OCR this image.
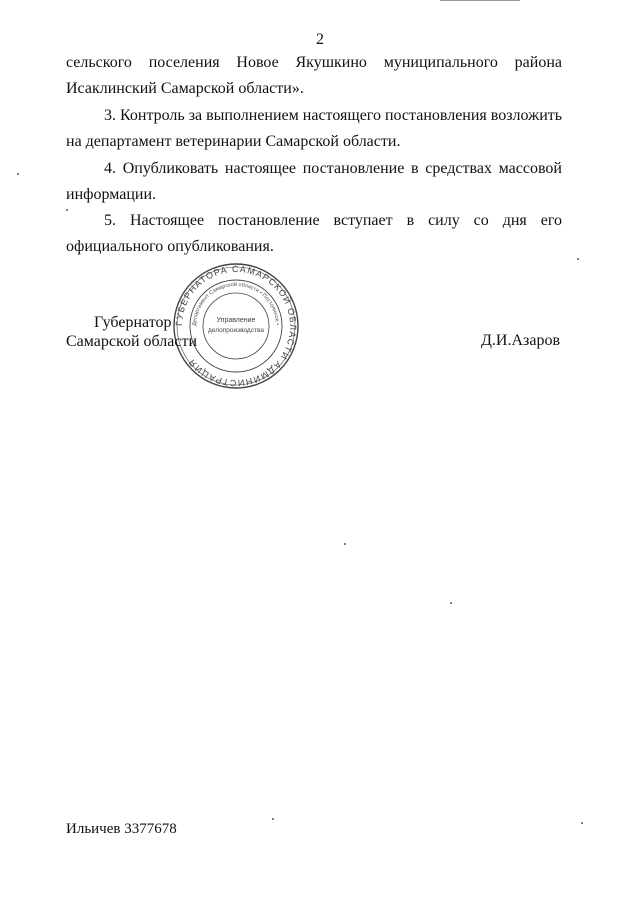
2
сельского поселения Новое Якушкино муниципального района
Исаклинский Самарской области».
3. Контроль за выполнением настоящего постановления возложить
на департамент ветеринарии Самарской области.
4. Опубликовать настоящее постановление в средствах массовой
информации.
5. Настоящее постановление вступает в силу со дня его
официального опубликования.
ГУБЕРНАТОРА САМАРСКОЙ ОБЛАСТИ АДМИНИСТРАЦИЯ
Департамент Самарской области • Постоянное •
Управление
делопроизводства
Губернатор
Самарской области	Д.И.Азаров
Ильичев 3377678
